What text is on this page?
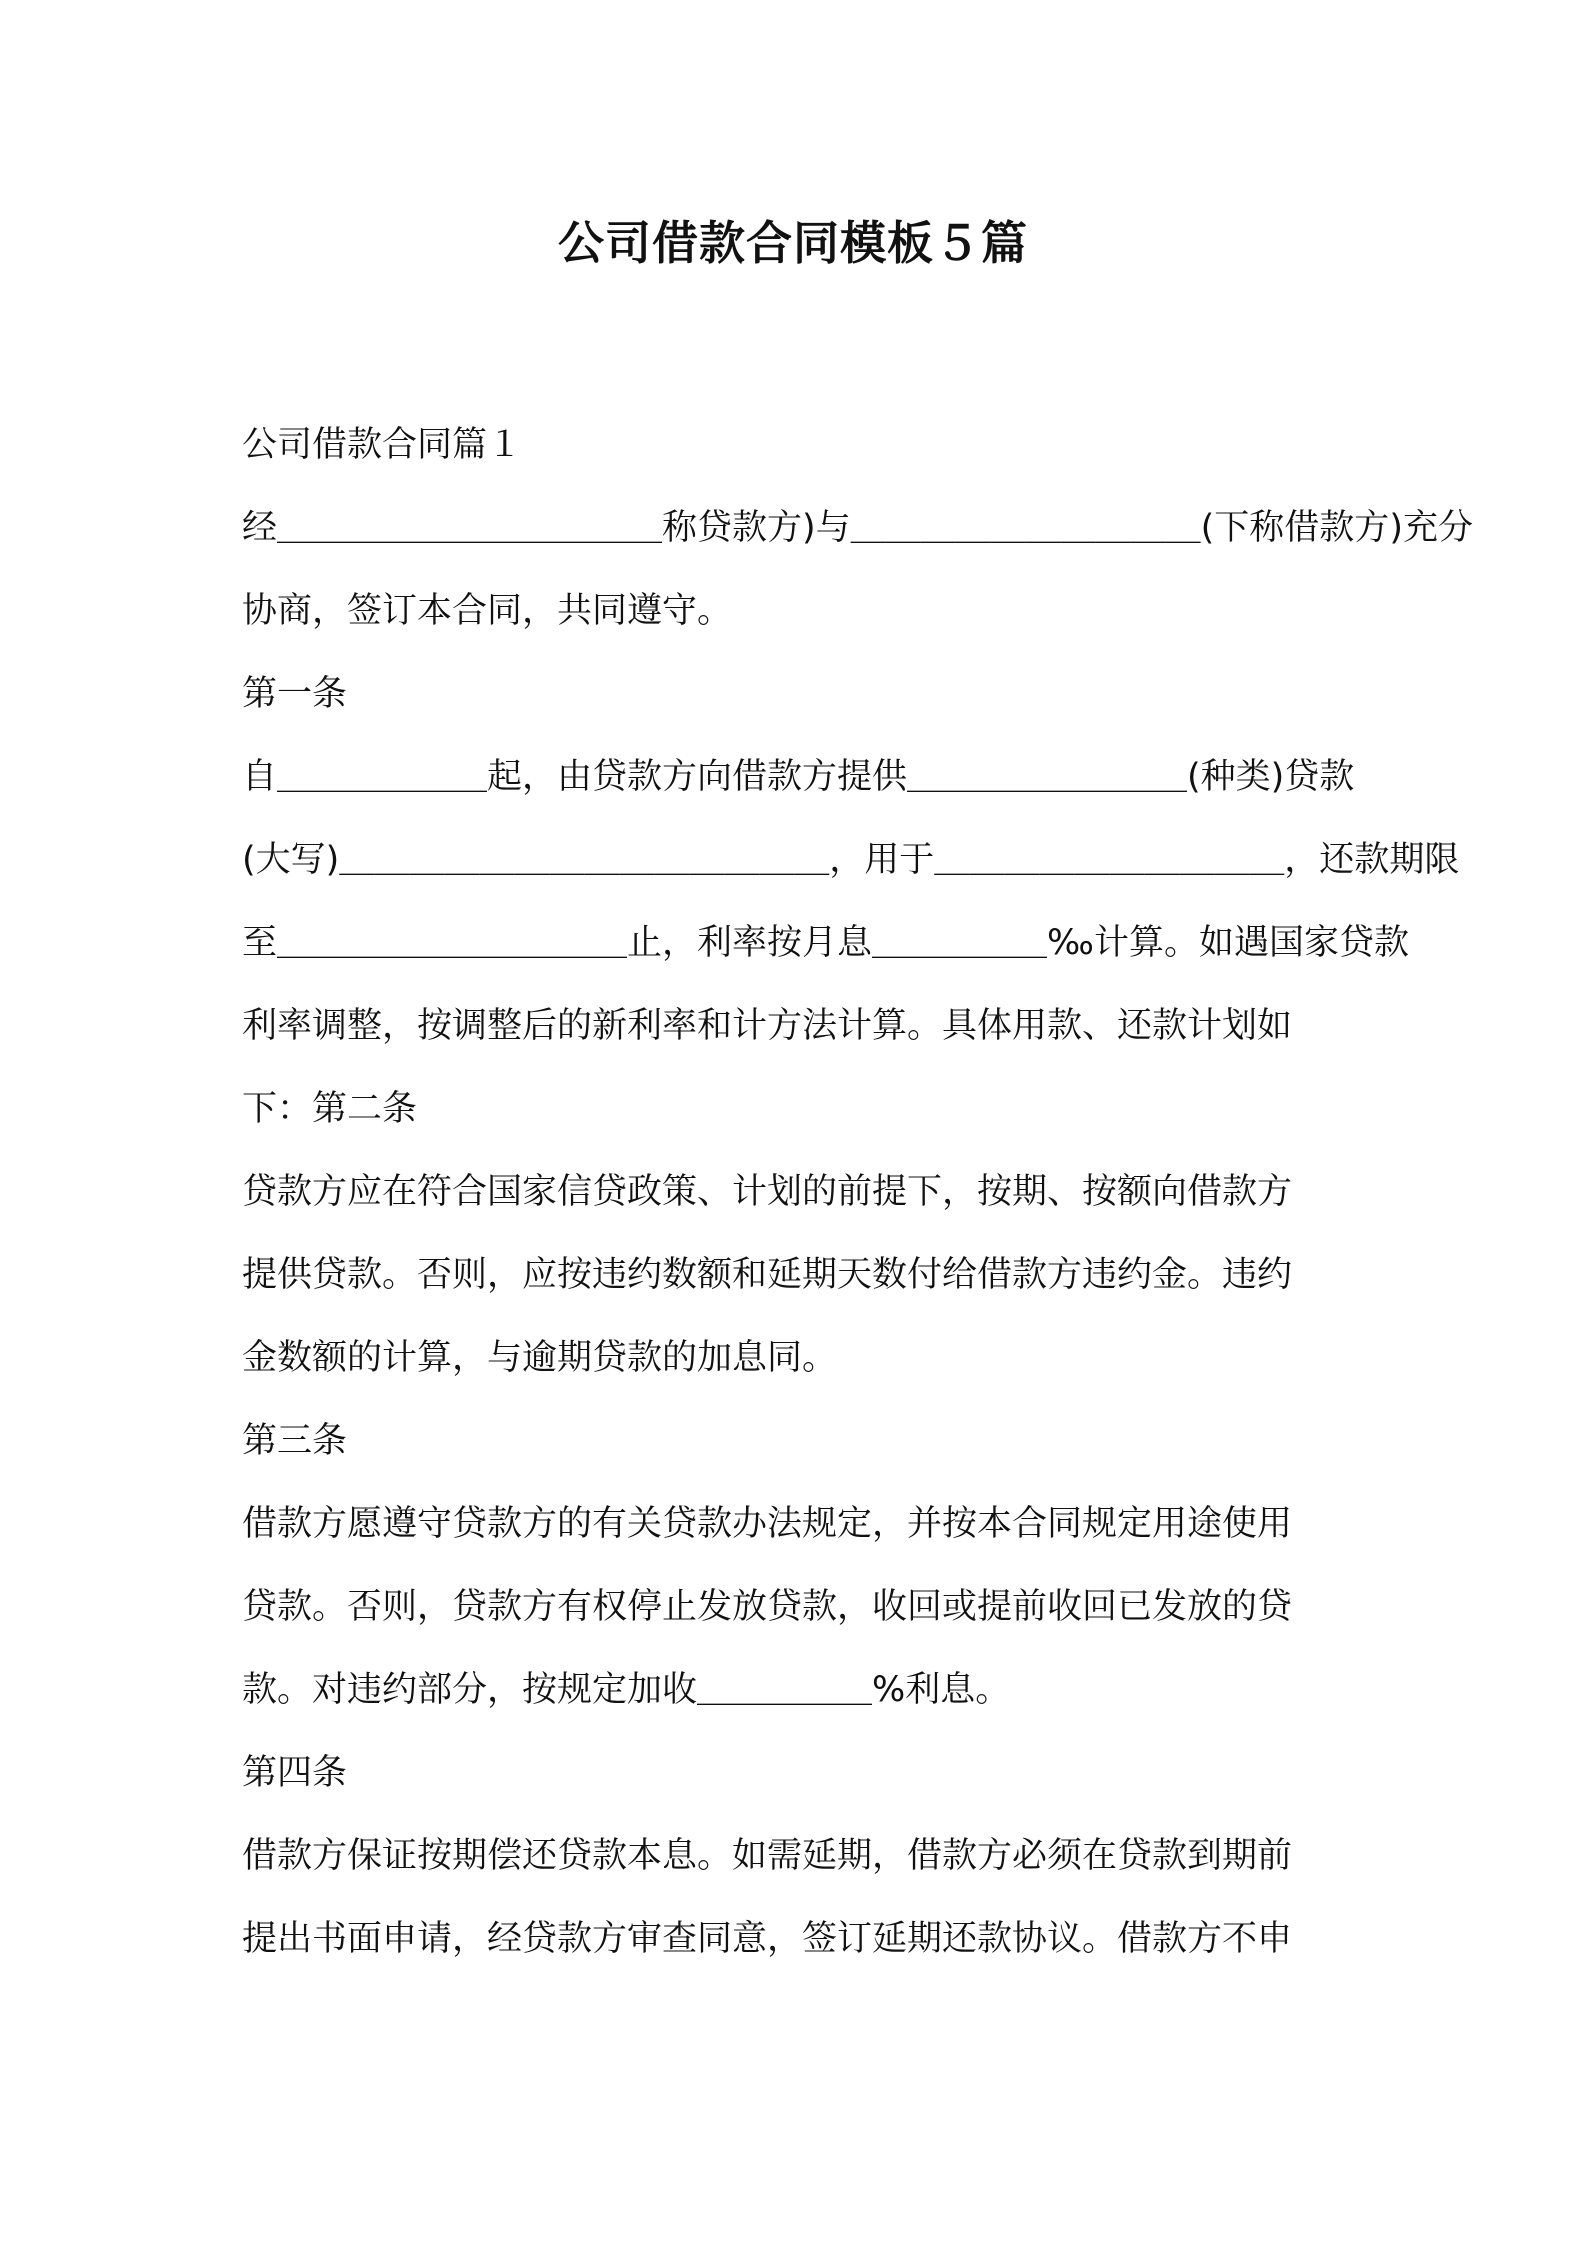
公司借款合同模板５篇
公司借款合同篇１
经＿＿＿＿＿＿＿＿＿＿＿称贷款方)与＿＿＿＿＿＿＿＿＿＿(下称借款方)充分
协商，签订本合同，共同遵守。
第一条
自＿＿＿＿＿＿起，由贷款方向借款方提供＿＿＿＿＿＿＿＿(种类)贷款
(大写)＿＿＿＿＿＿＿＿＿＿＿＿＿＿，用于＿＿＿＿＿＿＿＿＿＿，还款期限
至＿＿＿＿＿＿＿＿＿＿止，利率按月息＿＿＿＿＿‰计算。如遇国家贷款
利率调整，按调整后的新利率和计方法计算。具体用款、还款计划如
下：第二条
贷款方应在符合国家信贷政策、计划的前提下，按期、按额向借款方
提供贷款。否则，应按违约数额和延期天数付给借款方违约金。违约
金数额的计算，与逾期贷款的加息同。
第三条
借款方愿遵守贷款方的有关贷款办法规定，并按本合同规定用途使用
贷款。否则，贷款方有权停止发放贷款，收回或提前收回已发放的贷
款。对违约部分，按规定加收＿＿＿＿＿%利息。
第四条
借款方保证按期偿还贷款本息。如需延期，借款方必须在贷款到期前
提出书面申请，经贷款方审查同意，签订延期还款协议。借款方不申
